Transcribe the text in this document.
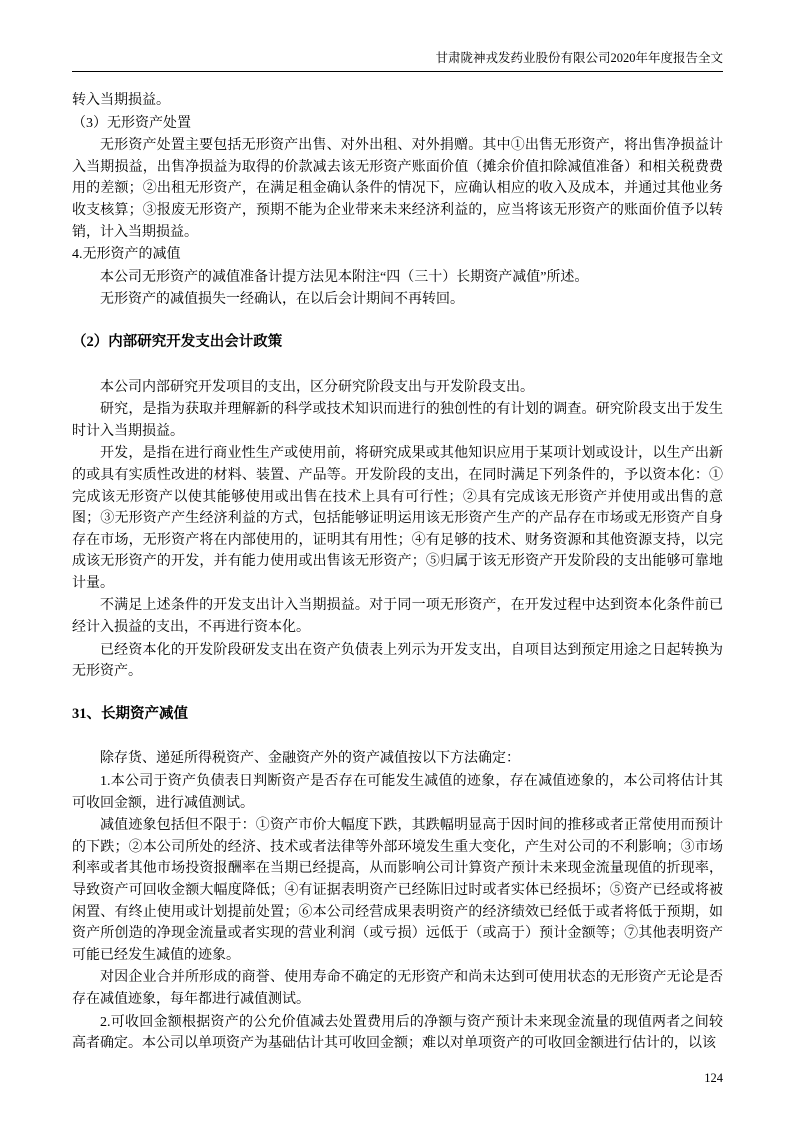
甘肃陇神戎发药业股份有限公司2020年年度报告全文

转入当期损益。

（3）无形资产处置

无形资产处置主要包括无形资产出售、对外出租、对外捐赠。其中①出售无形资产，将出售净损益计入当期损益，出售净损益为取得的价款减去该无形资产账面价值（摊余价值扣除减值准备）和相关税费费用的差额；②出租无形资产，在满足租金确认条件的情况下，应确认相应的收入及成本，并通过其他业务收支核算；③报废无形资产，预期不能为企业带来未来经济利益的，应当将该无形资产的账面价值予以转销，计入当期损益。

4.无形资产的减值

本公司无形资产的减值准备计提方法见本附注“四（三十）长期资产减值”所述。

无形资产的减值损失一经确认，在以后会计期间不再转回。

（2）内部研究开发支出会计政策

本公司内部研究开发项目的支出，区分研究阶段支出与开发阶段支出。

研究，是指为获取并理解新的科学或技术知识而进行的独创性的有计划的调查。研究阶段支出于发生时计入当期损益。

开发，是指在进行商业性生产或使用前，将研究成果或其他知识应用于某项计划或设计，以生产出新的或具有实质性改进的材料、装置、产品等。开发阶段的支出，在同时满足下列条件的，予以资本化：①完成该无形资产以使其能够使用或出售在技术上具有可行性；②具有完成该无形资产并使用或出售的意图；③无形资产产生经济利益的方式，包括能够证明运用该无形资产生产的产品存在市场或无形资产自身存在市场，无形资产将在内部使用的，证明其有用性；④有足够的技术、财务资源和其他资源支持，以完成该无形资产的开发，并有能力使用或出售该无形资产；⑤归属于该无形资产开发阶段的支出能够可靠地计量。

不满足上述条件的开发支出计入当期损益。对于同一项无形资产，在开发过程中达到资本化条件前已经计入损益的支出，不再进行资本化。

已经资本化的开发阶段研发支出在资产负债表上列示为开发支出，自项目达到预定用途之日起转换为无形资产。

31、长期资产减值

除存货、递延所得税资产、金融资产外的资产减值按以下方法确定：

1.本公司于资产负债表日判断资产是否存在可能发生减值的迹象，存在减值迹象的，本公司将估计其可收回金额，进行减值测试。

减值迹象包括但不限于：①资产市价大幅度下跌，其跌幅明显高于因时间的推移或者正常使用而预计的下跌；②本公司所处的经济、技术或者法律等外部环境发生重大变化，产生对公司的不利影响；③市场利率或者其他市场投资报酬率在当期已经提高，从而影响公司计算资产预计未来现金流量现值的折现率，导致资产可回收金额大幅度降低；④有证据表明资产已经陈旧过时或者实体已经损坏；⑤资产已经或将被闲置、有终止使用或计划提前处置；⑥本公司经营成果表明资产的经济绩效已经低于或者将低于预期，如资产所创造的净现金流量或者实现的营业利润（或亏损）远低于（或高于）预计金额等；⑦其他表明资产可能已经发生减值的迹象。

对因企业合并所形成的商誉、使用寿命不确定的无形资产和尚未达到可使用状态的无形资产无论是否存在减值迹象，每年都进行减值测试。

2.可收回金额根据资产的公允价值减去处置费用后的净额与资产预计未来现金流量的现值两者之间较高者确定。本公司以单项资产为基础估计其可收回金额；难以对单项资产的可收回金额进行估计的，以该

124
